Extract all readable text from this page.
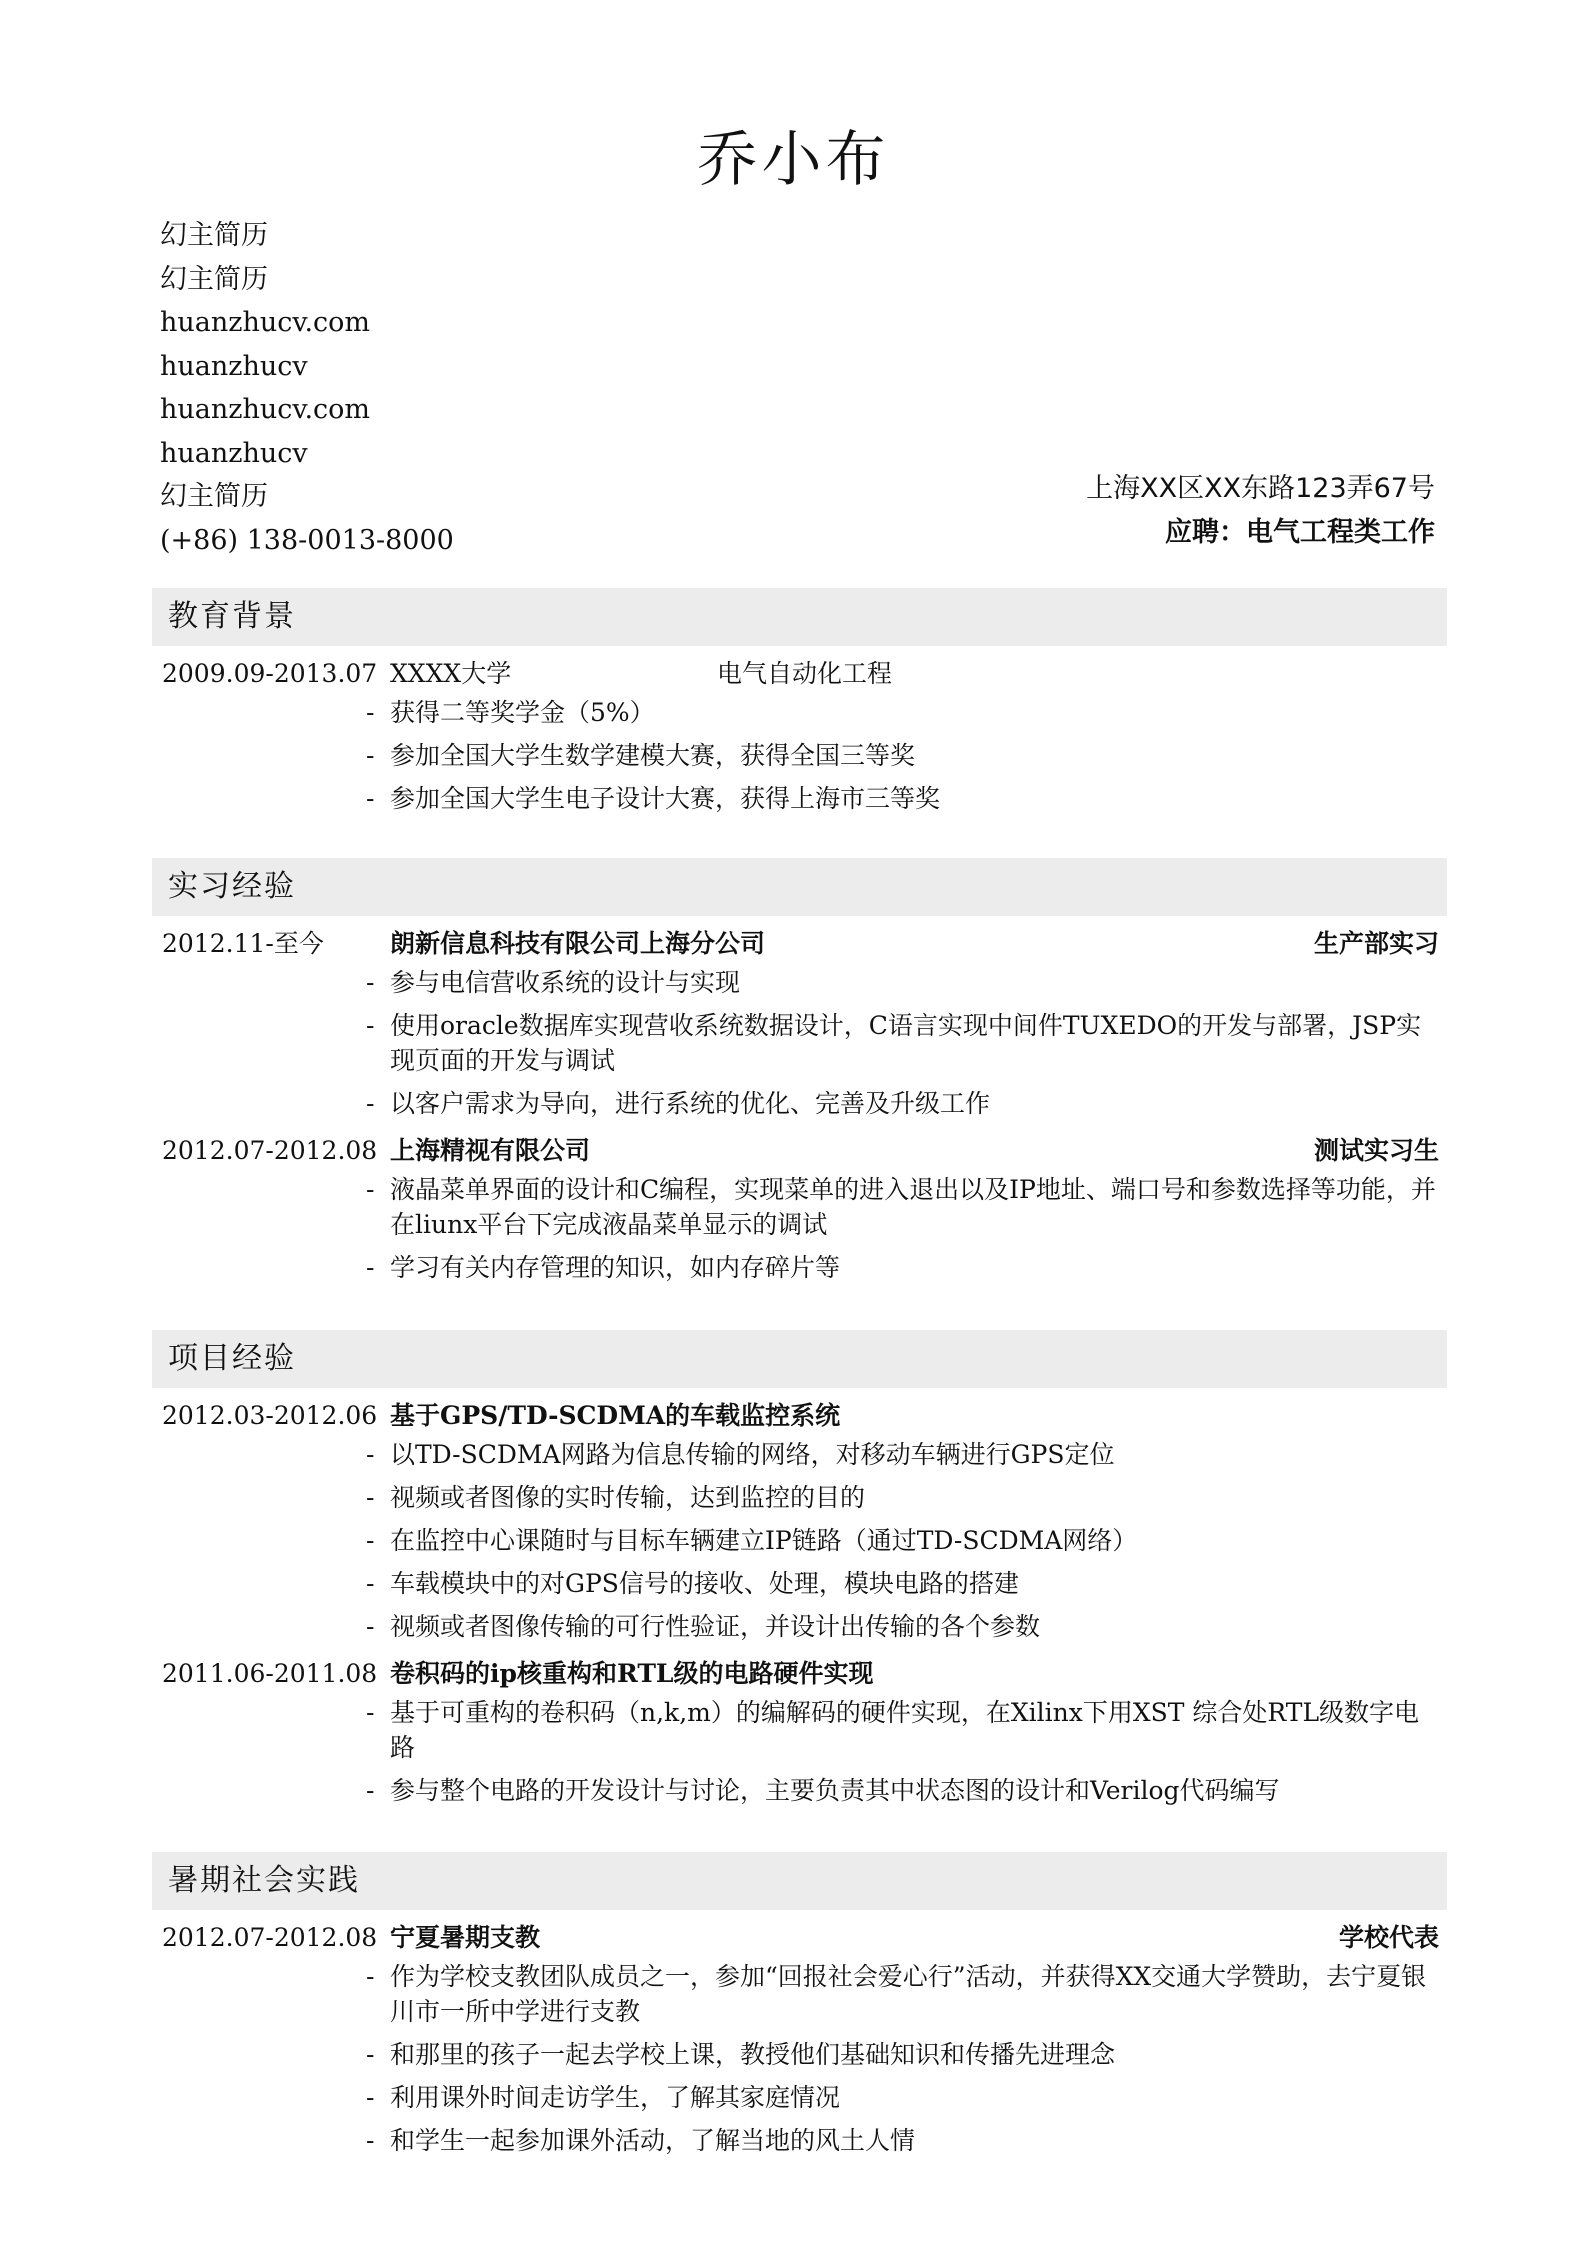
乔小布
幻主简历
幻主简历
huanzhucv.com
huanzhucv
huanzhucv.com
huanzhucv
幻主简历
(+86) 138-0013-8000
上海XX区XX东路123弄67号
应聘：电气工程类工作
教育背景
2009.09-2013.07 XXXX大学	电气自动化工程
- 获得二等奖学金（5%）
- 参加全国大学生数学建模大赛，获得全国三等奖
- 参加全国大学生电子设计大赛，获得上海市三等奖
实习经验
2012.11-至今	朗新信息科技有限公司上海分公司	生产部实习
- 参与电信营收系统的设计与实现
- 使用oracle数据库实现营收系统数据设计，C语言实现中间件TUXEDO的开发与部署，JSP实现页面的开发与调试
- 以客户需求为导向，进行系统的优化、完善及升级工作
2012.07-2012.08 上海精视有限公司	测试实习生
- 液晶菜单界面的设计和C编程，实现菜单的进入退出以及IP地址、端口号和参数选择等功能，并在liunx平台下完成液晶菜单显示的调试
- 学习有关内存管理的知识，如内存碎片等
项目经验
2012.03-2012.06 基于GPS/TD-SCDMA的车载监控系统
- 以TD-SCDMA网路为信息传输的网络，对移动车辆进行GPS定位
- 视频或者图像的实时传输，达到监控的目的
- 在监控中心课随时与目标车辆建立IP链路（通过TD-SCDMA网络）
- 车载模块中的对GPS信号的接收、处理，模块电路的搭建
- 视频或者图像传输的可行性验证，并设计出传输的各个参数
2011.06-2011.08 卷积码的ip核重构和RTL级的电路硬件实现
- 基于可重构的卷积码（n,k,m）的编解码的硬件实现，在Xilinx下用XST 综合处RTL级数字电路
- 参与整个电路的开发设计与讨论，主要负责其中状态图的设计和Verilog代码编写
暑期社会实践
2012.07-2012.08 宁夏暑期支教	学校代表
- 作为学校支教团队成员之一，参加“回报社会爱心行”活动，并获得XX交通大学赞助，去宁夏银川市一所中学进行支教
- 和那里的孩子一起去学校上课，教授他们基础知识和传播先进理念
- 利用课外时间走访学生，了解其家庭情况
- 和学生一起参加课外活动，了解当地的风土人情
